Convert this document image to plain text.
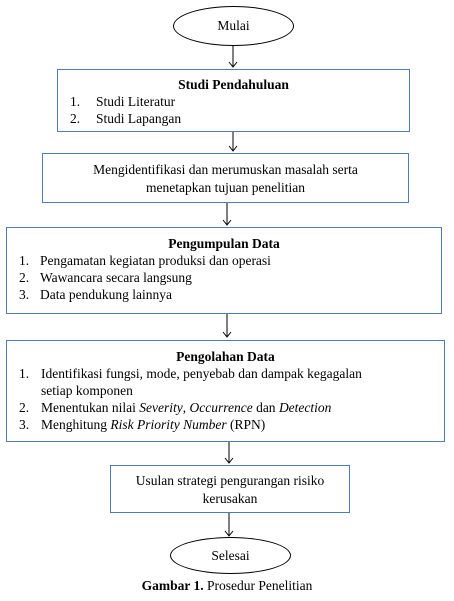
Mulai
Studi Pendahuluan
1. Studi Literatur
2. Studi Lapangan
Mengidentifikasi dan merumuskan masalah serta
menetapkan tujuan penelitian
Pengumpulan Data
1. Pengamatan kegiatan produksi dan operasi
2. Wawancara secara langsung
3. Data pendukung lainnya
Pengolahan Data
1. Identifikasi fungsi, mode, penyebab dan dampak kegagalan
setiap komponen
2. Menentukan nilai Severity, Occurrence dan Detection
3. Menghitung Risk Priority Number (RPN)
Usulan strategi pengurangan risiko
kerusakan
Selesai
Gambar 1. Prosedur Penelitian
